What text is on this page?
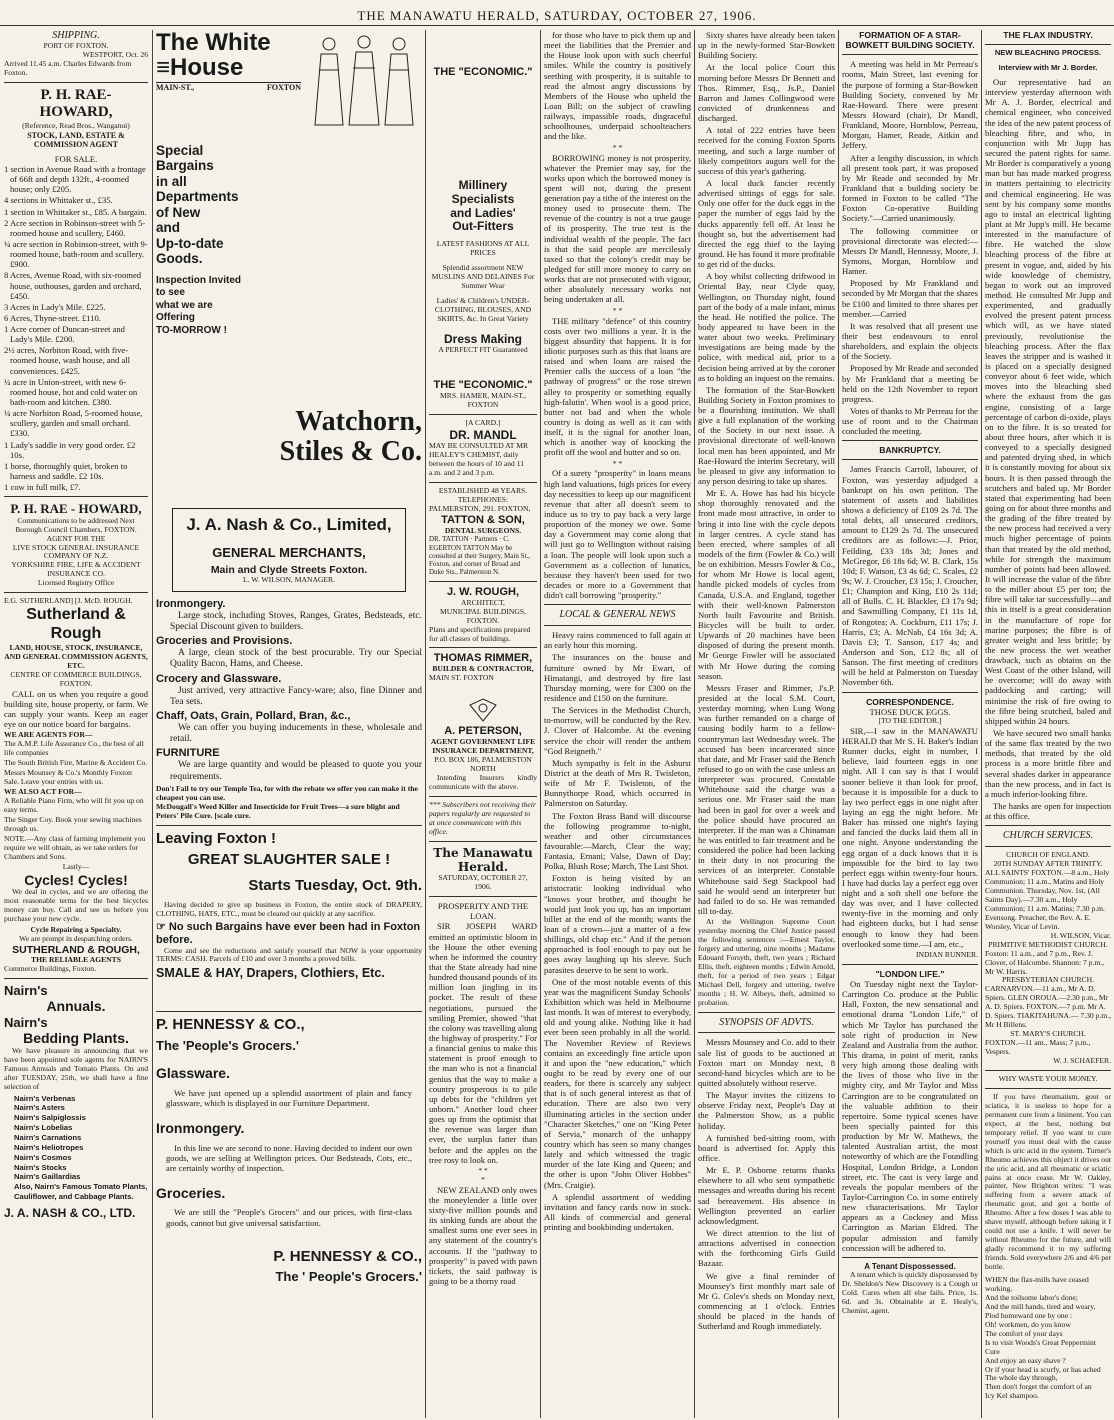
THE MANAWATU HERALD, SATURDAY, OCTOBER 27, 1906.
SHIPPING.
PORT OF FOXTON.
WESTPORT, Oct. 26
Arrived 11.45 a.m. Charles Edwards from Foxton.
P. H. RAE-HOWARD,
(Reference, Read Bros., Wanganui)
STOCK, LAND, ESTATE & COMMISSION AGENT
FOR SALE.
1 section in Avenue Road with a frontage of 66ft and depth 132ft., 4-roomed house; only £205.
4 sections in Whittaker st., £35.
1 section in Whittaker st., £85. A bargain.
2 Acre section in Robinson-street with 5-roomed house and scullery, £460.
¼ acre section in Robinson-street, with 9-roomed house, bath-room and scullery. £900.
8 Acres, Avenue Road, with six-roomed house, outhouses, garden and orchard, £450.
3 Acres in Lady's Mile. £225.
6 Acres, Thyne-street. £110.
1 Acre corner of Duncan-street and Lady's Mile. £200.
2½ acres, Norbiton Road, with five-roomed house, wash house, and all conveniences. £425.
¼ acre in Union-street, with new 6-roomed house, hot and cold water on bath-room and kitchen. £380.
¼ acre Norbiton Road, 5-roomed house, scullery, garden and small orchard. £330.
1 Lady's saddle in very good order. £2 10s.
1 horse, thoroughly quiet, broken to harness and saddle. £2 10s.
1 cow in full milk, £7.
P. H. RAE - HOWARD,
Communications to be addressed Next Borough Council Chambers, FOXTON.
AGENT FOR THE
LIVE STOCK GENERAL INSURANCE COMPANY OF N.Z.
YORKSHIRE FIRE, LIFE & ACCIDENT INSURANCE CO.
Licensed Registry Office
E.G. SUTHERLAND] [J. McD. ROUGH.
Sutherland & Rough
LAND, HOUSE, STOCK, INSURANCE, AND GENERAL COMMISSION AGENTS, ETC.
CENTRE OF COMMERCE BUILDINGS, FOXTON.

CALL on us when you require a good building site, house property, or farm. We can supply your wants. Keep an eager eye on our notice board for bargains.

WE ARE AGENTS FOR—
The A.M.P. Life Assurance Co., the best of all life companies
The South British Fire, Marine & Accident Co.
Messrs Mounsey & Co.'s Monthly Foxton Sale. Leave your entries with us.
WE ALSO ACT FOR—
A Reliable Piano Firm, who will fit you up on easy terms.
The Singer Coy. Book your sewing machines through us.
NOTE.—Any class of farming implement you require we will obtain, as we take orders for Chambers and Sons.
Lastly—
Cycles! Cycles!

We deal in cycles, and we are offering the most reasonable terms for the best bicycles money can buy. Call and see us before you purchase your new cycle.

Cycle Repairing a Specialty.
We are prompt in despatching orders.
SUTHERLAND & ROUGH,
THE RELIABLE AGENTS
Commerce Buildings, Foxton.
Nairn's
Annuals.
Nairn's
Bedding Plants.

We have pleasure in announcing that we have been appointed sole agents for NAIRN'S Famous Annuals and Tomato Plants. On and after TUESDAY, 25th, we shall have a fine selection of

Nairn's Verbenas
Nairn's Asters
Nairn's Salpiglossis
Nairn's Lobelias
Nairn's Carnations
Nairn's Heliotropes
Nairn's Cosmos
Nairn's Stocks
Nairn's Gaillardias
Also, Nairn's Famous Tomato Plants, Cauliflower, and Cabbage Plants.
J. A. NASH & CO., LTD.
The White
≡House
MAIN-ST.,	FOXTON
Special
Bargains
in all
Departments
of New
and
Up-to-date
Goods.
Inspection Invited
to see
what we are
Offering
TO-MORROW !
Watchorn,
Stiles & Co.
J. A. Nash & Co., Limited,
GENERAL MERCHANTS,
Main and Clyde Streets Foxton.
L. W. WILSON, MANAGER.
Ironmongery.

Large stock, including Stoves, Ranges, Grates, Bedsteads, etc. Special Discount given to builders.

Groceries and Provisions.

A large, clean stock of the best procurable. Try our Special Quality Bacon, Hams, and Cheese.

Crocery and Glassware.

Just arrived, very attractive Fancy-ware; also, fine Dinner and Tea sets.

Chaff, Oats, Grain, Pollard, Bran, &c.,

We can offer you buying inducements in these, wholesale and retail.

FURNITURE

We are large quantity and would be pleased to quote you your requirements.

Don't Fail to try our Temple Tea, for with the rebate we offer you can make it the cheapest you can use.
McDougall's Weed Killer and Insecticide for Fruit Trees—a sure blight and Peters' Pile Cure. [scale cure.
Leaving Foxton !
GREAT SLAUGHTER SALE !
Starts Tuesday, Oct. 9th.

Having decided to give up business in Foxton, the entire stock of DRAPERY, CLOTHING, HATS, ETC., must be cleared out quickly at any sacrifice.

☞ No such Bargains have ever been had in Foxton before.

Come and see the reductions and satisfy yourself that NOW is your opportunity TERMS: CASH. Parcels of £10 and over 3 months a proved bills.

SMALE & HAY, Drapers, Clothiers, Etc.
P. HENNESSY & CO.,
The 'People's Grocers.'
Glassware.

We have just opened up a splendid assortment of plain and fancy glassware, which is displayed in our Furniture Department.

Ironmongery.

In this line we are second to none. Having decided to indent our own goods, we are selling at Wellington prices. Our Bedsteads, Cots, etc., are certainly worthy of inspection.

Groceries.

We are still the "People's Grocers" and our prices, with first-class goods, cannot but give universal satisfaction.

P. HENNESSY & CO.,
The ' People's Grocers.'
THE "ECONOMIC."
Millinery
Specialists
and Ladies'
Out-Fitters
LATEST FASHIONS AT ALL PRICES
Splendid assortment NEW MUSLINS AND DELAINES For Summer Wear
Ladies' & Children's UNDER-CLOTHING, BLOUSES, AND SKIRTS, &c. In Great Variety
Dress Making
A PERFECT FIT Guaranteed
THE "ECONOMIC."
MRS. HAMER, MAIN-ST., FOXTON
[A CARD.]
DR. MANDL
MAY BE CONSULTED AT MR HEALEY'S CHEMIST, daily between the hours of 10 and 11 a.m. and 2 and 3 p.m.
ESTABLISHED 48 YEARS.
TELEPHONES:
PALMERSTON, 291. FOXTON,
TATTON & SON,
DENTAL SURGEONS.
DR. TATTON · Partners · C. EGERTON TATTON May be consulted at their Surgery, Main St., Foxton, and corner of Broad and Duke Sts., Palmerston N.
J. W. ROUGH,
ARCHITECT,
MUNICIPAL BUILDINGS, FOXTON.
Plans and specifications prepared for all classes of buildings.
THOMAS RIMMER,
BUILDER & CONTRACTOR,
MAIN ST. FOXTON
A. PETERSON,
AGENT GOVERNMENT LIFE INSURANCE DEPARTMENT,
P.O. BOX 186, PALMERSTON NORTH

Intending Insurers kindly communicate with the above.

*** Subscribers not receiving their papers regularly are requested to at once communicate with this office.
The Manawatu Herald.
SATURDAY, OCTOBER 27, 1906.
PROSPERITY AND THE LOAN.

SIR JOSEPH WARD emitted an optimistic bloom in the House the other evening when he informed the country that the State already had nine hundred thousand pounds of its million loan jingling in its pocket. The result of these negotiations, pursued the smiling Premier, showed "that the colony was travelling along the highway of prosperity." For a financial genius to make this statement is proof enough to the man who is not a financial genius that the way to make a country prosperous is to pile up debts for the "children yet unborn." Another loud cheer goes up from the optimist that the revenue was larger than ever, the surplus fatter than before and the apples on the tree rosy to look on.

* *
*

NEW ZEALAND only owes the moneylender a little over sixty-five million pounds and its sinking funds are about the smallest sums one ever sees in any statement of the country's accounts. If the "pathway to prosperity" is paved with pawn tickets, the said pathway is going to be a thorny road

for those who have to pick them up and meet the liabilities that the Premier and the House look upon with such cheerful smiles. While the country is positively seething with prosperity, it is suitable to read the almost angry discussions by Members of the House who upheld the Loan Bill; on the subject of crawling railways, impassible roads, disgraceful schoolhouses, underpaid schoolteachers and the like.

* *

BORROWING money is not prosperity, whatever the Premier may say, for the works upon which the borrowed money is spent will not, during the present generation pay a tithe of the interest on the money used to prosecute them. The revenue of the country is not a true gauge of its prosperity. The true test is the individual wealth of the people. The fact is that the said people are mercilessly taxed so that the colony's credit may be pledged for still more money to carry on works that are not prosecuted with vigour, other absolutely necessary works not being undertaken at all.

* *

THE military "defence" of this country costs over two millions a year. It is the biggest absurdity that happens. It is for idiotic purposes such as this that loans are raised and when loans are raised the Premier calls the success of a loan "the pathway of progress" or the rose strewn alley to prosperity or something equally high-falutin'. When wool is a good price, butter not bad and when the whole country is doing as well as it can with itself, it is the signal for another loan, which is another way of knocking the profit off the wool and butter and so on.

* *

Of a surety "prosperity" in loans means high land valuations, high prices for every day necessities to keep up our magnificent revenue that after all doesn't seem to induce us to try to pay back a very large proportion of the money we owe. Some day a Government may come along that will just go to Wellington without raising a loan. The people will look upon such a Government as a collection of lunatics, because they haven't been used for two decades or more to a Government that didn't call borrowing "prosperity."

LOCAL & GENERAL NEWS

Heavy rains commenced to fall again at an early hour this morning.

The insurances on the house and furniture owned by Mr Ewart, of Himatangi, and destroyed by fire last Thursday morning, were for £300 on the residence and £150 on the furniture.

The Services in the Methodist Church, to-morrow, will be conducted by the Rev. J. Clover of Halcombe. At the evening service the choir will render the anthem "God Reigneth."

Much sympathy is felt in the Ashurst District at the death of Mrs R. Twisleton, wife of Mr F. Twisleton, of the Bunnythorpe Road, which occurred in Palmerston on Saturday.

The Foxton Brass Band will discourse the following programme to-night, weather and other circumstances favourable:—March, Clear the way; Fantasia, Ernani; Valse, Dawn of Day; Polka, Blush Rose; March, The Last Shot.

Foxton is being visited by an aristocratic looking individual who "knows your brother, and thought he would just look you up, has an important billet at the end of the month; wants the loan of a crown—just a matter of a few shillings, old chap etc." And if the person approached is fool enough to pay out he goes away laughing up his sleeve. Such parasites deserve to be sent to work.

One of the most notable events of this year was the magnificent Sunday Schools' Exhibition which was held in Melbourne last month. It was of interest to everybody, old and young alike. Nothing like it had ever been seen probably in all the world. The November Review of Reviews contains an exceedingly fine article upon it and upon the "new education," which ought to be read by every one of our readers, for there is scarcely any subject that is of such general interest as that of education. There are also two very illuminating articles in the section under "Character Sketches," one on "King Peter of Servia," monarch of the unhappy country which has seen so many changes lately and which witnessed the tragic murder of the late King and Queen; and the other is upon "John Oliver Hobbes" (Mrs. Craigie).

A splendid assortment of wedding invitation and fancy cards now in stock. All kinds of commercial and general printing and bookbinding undertaken.

Sixty shares have already been taken up in the newly-formed Star-Bowkett Building Society.

At the local police Court this morning before Messrs Dr Bennett and Thos. Rimmer, Esq., Js.P., Daniel Barron and James Collingwood were convicted of drunkenness and discharged.

A total of 222 entries have been received for the coming Foxton Sports meeting, and such a large number of likely competitors augurs well for the success of this year's gathering.

A local duck fancier recently advertised sittings of eggs for sale. Only one offer for the duck eggs in the paper the number of eggs laid by the ducks apparently fell off. At least he thought so, but the advertisement had directed the egg thief to the laying ground. He has found it more profitable to get rid of the ducks.

A boy whilst collecting driftwood in Oriental Bay, near Clyde quay, Wellington, on Thursday night, found part of the body of a male infant, minus the head. He notified the police. The body appeared to have been in the water about two weeks. Preliminary investigations are being made by the police, with medical aid, prior to a decision being arrived at by the coroner as to holding an inquest on the remains.

The formation of the Star-Bowkett Building Society in Foxton promises to be a flourishing institution. We shall give a full explanation of the working of the Society in our next issue. A provisional directorate of well-known local men has been appointed, and Mr Rae-Howard the interim Secretary, will be pleased to give any information to any person desiring to take up shares.

Mr E. A. Howe has had his bicycle shop thoroughly renovated and the front made most attractive, in order to bring it into line with the cycle depots in larger centres. A cycle stand has been erected, where samples of all models of the firm (Fowler & Co.) will be on exhibition. Messrs Fowler & Co., for whom Mr Howe is local agent, handle picked models of cycles from Canada, U.S.A. and England, together with their well-known Palmerston North built Favourite and British. Bicycles will be built to order. Upwards of 20 machines have been disposed of during the present month. Mr George Fowler will be associated with Mr Howe during the coming season.

Messrs Fraser and Rimmer, J's.P. presided at the local S.M. Court, yesterday morning, when Lung Wong was further remanded on a charge of causing bodily harm to a fellow-countryman last Wednesday week. The accused has been incarcerated since that date, and Mr Fraser said the Bench refused to go on with the case unless an interpreter was procured. Constable Whitehouse said the charge was a serious one. Mr Fraser said the man had been in gaol for over a week and the police should have procured an interpreter. If the man was a Chinaman he was entitled to fair treatment and he considered the police had been lacking in their duty in not procuring the services of an interpreter. Constable Whitehouse said Segt Stackpool had said he would send an interpreter but had failed to do so. He was remanded till to-day.

At the Wellington Supreme Court yesterday morning the Chief Justice passed the following sentences :—Ernest Taylor, forgery and uttering, nine months ; Madame Edouard Forsyth, theft, two years ; Richard Ellis, theft, eighteen months ; Edwin Arnold, theft, for a period of two years ; Edgar Michael Dell, forgery and uttering, twelve months ; H. W. Albeys, theft, admitted to probation.

SYNOPSIS OF ADVTS.

Messrs Mounsey and Co. add to their sale list of goods to be auctioned at Foxton mart on Monday next, 8 second-hand bicycles which are to be quitted absolutely without reserve.

The Mayor invites the citizens to observe Friday next, People's Day at the Palmerston Show, as a public holiday.

A furnished bed-sitting room, with board is advertised for. Apply this office.

Mr E. P. Osborne returns thanks elsewhere to all who sent sympathetic messages and wreaths during his recent sad bereavement. His absence in Wellington prevented an earlier acknowledgment.

We direct attention to the list of attractions advertised in connection with the forthcoming Girls Guild Bazaar.

We give a final reminder of Mounsey's first monthly mart sale of Mr G. Colev's sheds on Monday next, commencing at 1 o'clock. Entries should be placed in the hands of Sutherland and Rough immediately.

FORMATION OF A STAR-BOWKETT BUILDING SOCIETY.

A meeting was held in Mr Perreau's rooms, Main Street, last evening for the purpose of forming a Star-Bowkett Building Society, convened by Mr Rae-Howard. There were present Messrs Howard (chair), Dr Mandl, Frankland, Moore, Hornblow, Perreau, Morgan, Hamer, Reade, Aitkin and Jeffery.

After a lengthy discussion, in which all present took part, it was proposed by Mr Reade and seconded by Mr Frankland that a building society be formed in Foxton to be called "The Foxton Co-operative Building Society."—Carried unanimously.

The following committee or provisional directorate was elected:—Messrs Dr Mandl, Hennessy, Moore, J. Symons, Morgan, Hornblow and Hamer.

Proposed by Mr Frankland and seconded by Mr Morgan that the shares be £100 and limited to three shares per member.—Carried

It was resolved that all present use their best endeavours to enrol shareholders, and explain the objects of the Society.

Proposed by Mr Reade and seconded by Mr Frankland that a meeting be held on the 12th November to report progress.

Votes of thanks to Mr Perreau for the use of room and to the Chairman concluded the meeting.

BANKRUPTCY.

James Francis Carroll, labourer, of Foxton, was yesterday adjudged a bankrupt on his own petition. The statement of assets and liabilities shows a deficiency of £109 2s 7d. The total debts, all unsecured creditors, amount to £129 2s 7d. The unsecured creditors are as follows:—J. Prior, Feilding, £33 18s 3d; Jones and McGregor, £6 18s 6d; W. B. Clark, 15s 10d; F. Watson, £3 4s 6d; C. Scales, £2 9s; W. J. Croucher, £3 15s; J. Croucher, £1; Champion and King, £10 2s 11d; all of Bulls. C. H. Blackler, £3 17s 9d; and Sawmilling Company, £1 11s 1d, of Rongotea; A. Cockburn, £11 17s; J. Harris, £3; A. McNab, £4 16s 3d; A. Davis £3; T. Sanson, £17 4s; and Anderson and Son, £12 8s; all of Sanson. The first meeting of creditors will be held at Palmerston on Tuesday November 6th.

CORRESPONDENCE.
THOSE DUCK EGGS.
[TO THE EDITOR.]

SIR,—I saw in the MANAWATU HERALD that Mr S. H. Baker's Indian Runner ducks, eight in number, I believe, laid fourteen eggs in one night. All I can say is that I would sooner believe it than look for proof, because it is impossible for a duck to lay two perfect eggs in one night after laying an egg the night before. Mr Baker has missed one night's laying and fancied the ducks laid them all in one night. Anyone understanding the egg organ of a duck knows that it is impossible for the bird to lay two perfect eggs within twenty-four hours. I have had ducks lay a perfect egg over night and a soft shell one before the day was over, and I have collected twenty-five in the morning and only had eighteen ducks, but I had sense enough to know they had been overlooked some time.—I am, etc.,

INDIAN RUNNER.
"LONDON LIFE."

On Tuesday night next the Taylor-Carrington Co. produce at the Public Hall, Foxton, the new sensational and emotional drama "London Life," of which Mr Taylor has purchased the sole right of production in New Zealand and Australia from the author. This drama, in point of merit, ranks very high among those dealing with the lives of those who live in the mighty city, and Mr Taylor and Miss Carrington are to be congratulated on the valuable addition to their repertoire. Some typical scenes have been specially painted for this production by Mr W. Mathews, the talented Australian artist, the most noteworthy of which are the Foundling Hospital, London Bridge, a London street, etc. The cast is very large and reveals the popular members of the Taylor-Carrington Co. in some entirely new characterisations. Mr Taylor appears as a Cockney and Miss Carrington as Marian Eldred. The popular admission and family concession will be adhered to.

A Tenant Dispossessed.

A tenant which is quickly dispossessed by Dr. Sheldon's New Discovery is a Cough or Cold. Cures when all else fails. Price, 1s. 6d. and 3s. Obtainable at E. Healy's, Chemist, agent.

THE FLAX INDUSTRY.
NEW BLEACHING PROCESS.
Interview with Mr J. Border.

Our representative had an interview yesterday afternoon with Mr A. J. Border, electrical and chemical engineer, who conceived the idea of the new patent process of bleaching fibre, and who, in conjunction with Mr Jupp has secured the patent rights for same. Mr Border is comparatively a young man but has made marked progress in matters pertaining to electricity and chemical engineering. He was sent by his company some months ago to instal an electrical lighting plant at Mr Jupp's mill. He became interested in the manufacture of fibre. He watched the slow bleaching process of the fibre at present in vogue, and, aided by his wide knowledge of chemistry, began to work out an improved method. He consulted Mr Jupp and experimented, and gradually evolved the present patent process which will, as we have stated previously, revolutionise the bleaching process. After the flax leaves the stripper and is washed it is placed on a specially designed conveyor about 6 feet wide, which moves into the bleaching shed where the exhaust from the gas engine, consisting of a large percentage of carbon di-oxide, plays on to the fibre. It is so treated for about three hours, after which it is conveyed to a specially designed and patented drying shed, in which it is constantly moving for about six hours. It is then passed through the scutchers and baled up. Mr Border stated that experimenting had been going on for about three months and the grading of the fibre treated by the new process had received a very much higher percentage of points than that treated by the old method, while for strength the maximum number of points had been allowed. It will increase the value of the fibre to the miller about £5 per ton; the fibre will take tar successfully—and this in itself is a great consideration in the manufacture of rope for marine purposes; the fibre is of greater weight and less brittle; by the new process the wet weather drawback, such as obtains on the West Coast of the other Island, will be overcome; will do away with paddocking and carting; will minimise the risk of fire owing to the fibre being scutched, baled and shipped within 24 hours.

We have secured two small hanks of the same flax treated by the two methods, that treated by the old process is a more brittle fibre and several shades darker in appearance than the new process, and in fact is a much inferior-looking fibre.

The hanks are open for inspection at this office.

CHURCH SERVICES.
CHURCH OF ENGLAND.
20TH SUNDAY AFTER TRINITY.
ALL SAINTS' FOXTON.—8 a.m., Holy Communion; 11 a.m., Matins and Holy Communion. Thursday, Nov. 1st, (All Saints Day).—7.30 a.m., Holy Communion; 11 a.m. Matins; 7.30 p.m. Evensong. Preacher, the Rev. A. E. Worsley, Vicar of Levin.
H. WILSON, Vicar.
PRIMITIVE METHODIST CHURCH.
Foxton: 11 a.m., and 7 p.m., Rev. J. Clover, of Halcombe. Shannon: 7 p.m., Mr W. Harris.
PRESBYTERIAN CHURCH.
CARNARVON.—11 a.m., Mr A. D. Spiers. GLEN OROUA.—2.30 p.m., Mr A. D. Spiers. FOXTON.—7 p.m. Mr A. D. Spiers. TIAKITAHUNA.— 7.30 p.m., Mr H Billens.
ST. MARY'S CHURCH.
FOXTON.—11 am., Mass; 7 p.m., Vespers.
W. J. SCHAEFER.
WHY WASTE YOUR MONEY.

If you have rheumatism, gout or sciatica, it is useless to hope for a permanent cure from a liniment. You can expect, at the best, nothing but temporary relief. If you want to cure yourself you must deal with the cause which is uric acid in the system. Turner's Rheumo achieves this object it drives out the uric acid, and all rheumatic or sciatic pains at once cease. Mr W. Oakley, painter, New Brighton writes: "I was suffering from a severe attack of rheumatic gout, and got a bottle of Rheumo. After a few doses I was able to shave myself, although before taking it I could not use a knife. I will never be without Rheumo for the future, and will gladly recommend it to my suffering friends. Sold everywhere 2/6 and 4/6 per bottle.

WHEN the flax-mills have ceased working,
And the toilsome labor's done;
And the mill hands, tired and weary,
Plod homeward one by one :
Oh! workmen, do you know
The comfort of your days
Is to visit Woods's Great Peppermint Cure
And enjoy an easy shave ?
Or if your head is scurfy, or has ached
The whole day through,
Then don't forget the comfort of an
Icy Kel shampoo.
